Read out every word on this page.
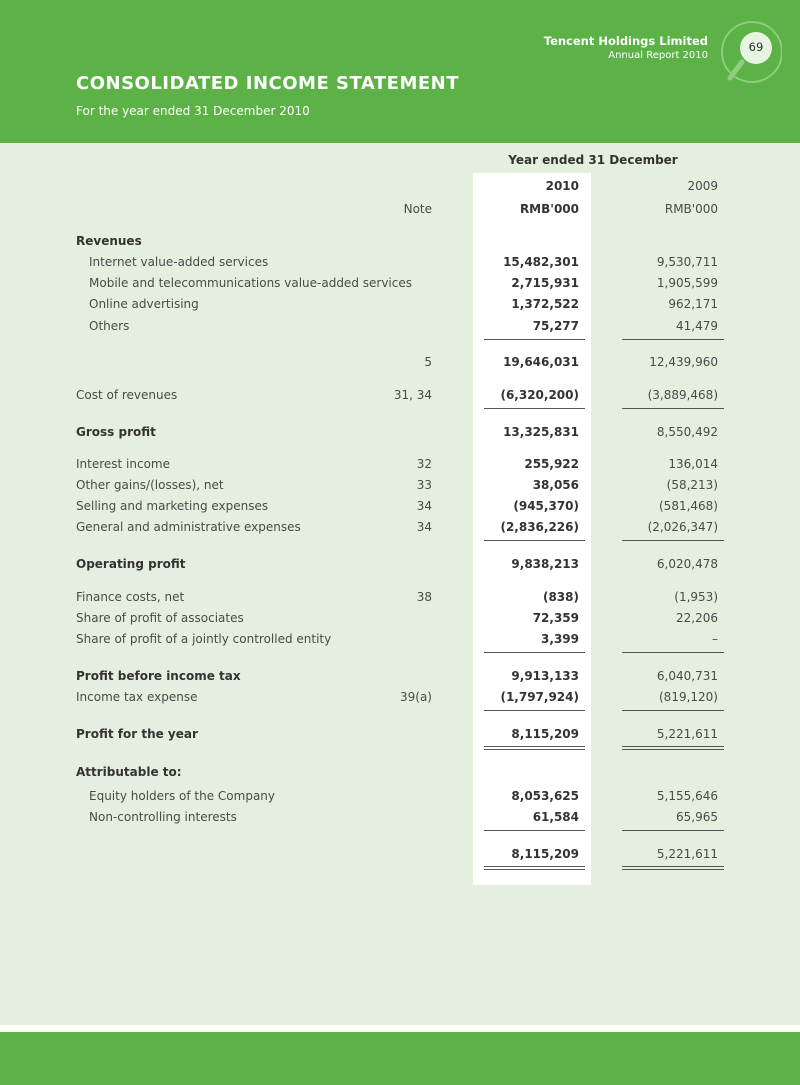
CONSOLIDATED INCOME STATEMENT
For the year ended 31 December 2010
Tencent Holdings Limited
Annual Report 2010
69
Year ended 31 December
2010	2009
Note	RMB'000	RMB'000
Revenues
Internet value-added services	15,482,301	9,530,711
Mobile and telecommunications value-added services	2,715,931	1,905,599
Online advertising	1,372,522	962,171
Others	75,277	41,479
5	19,646,031	12,439,960
Cost of revenues	31, 34	(6,320,200)	(3,889,468)
Gross profit	13,325,831	8,550,492
Interest income	32	255,922	136,014
Other gains/(losses), net	33	38,056	(58,213)
Selling and marketing expenses	34	(945,370)	(581,468)
General and administrative expenses	34	(2,836,226)	(2,026,347)
Operating profit	9,838,213	6,020,478
Finance costs, net	38	(838)	(1,953)
Share of profit of associates	72,359	22,206
Share of profit of a jointly controlled entity	3,399	–
Profit before income tax	9,913,133	6,040,731
Income tax expense	39(a)	(1,797,924)	(819,120)
Profit for the year	8,115,209	5,221,611
Attributable to:
Equity holders of the Company	8,053,625	5,155,646
Non-controlling interests	61,584	65,965
8,115,209	5,221,611
